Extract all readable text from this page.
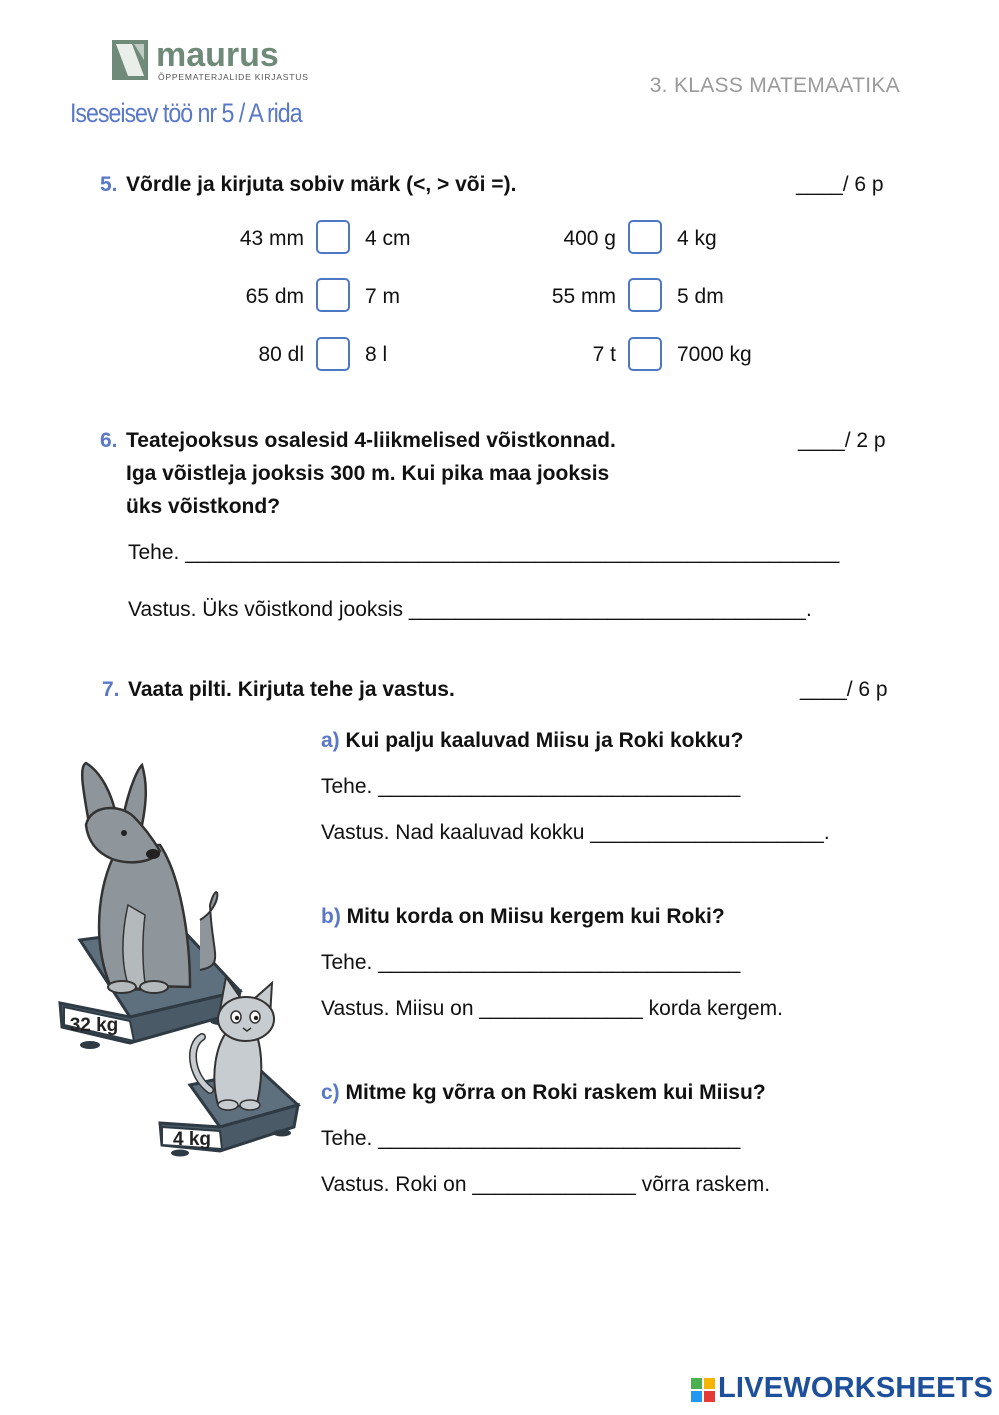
maurus
ÕPPEMATERJALIDE KIRJASTUS	3. KLASS MATEMAATIKA
Iseseisev töö nr 5 / A rida
5. Võrdle ja kirjuta sobiv märk (<, > või =).	____/ 6 p
43 mm	4 cm	400 g	4 kg
65 dm	7 m	55 mm	5 dm
80 dl	8 l	7 t	7000 kg
6. Teatejooksus osalesid 4-liikmelised võistkonnad.
Iga võistleja jooksis 300 m. Kui pika maa jooksis
üks võistkond?
____/ 2 p
Tehe. ________________________________________________________
Vastus. Üks võistkond jooksis __________________________________.
7. Vaata pilti. Kirjuta tehe ja vastus.	____/ 6 p
32 kg
4 kg
a) Kui palju kaaluvad Miisu ja Roki kokku?
Tehe. _______________________________
Vastus. Nad kaaluvad kokku ____________________.
b) Mitu korda on Miisu kergem kui Roki?
Tehe. _______________________________
Vastus. Miisu on ______________ korda kergem.
c) Mitme kg võrra on Roki raskem kui Miisu?
Tehe. _______________________________
Vastus. Roki on ______________ võrra raskem.
LIVEWORKSHEETS
